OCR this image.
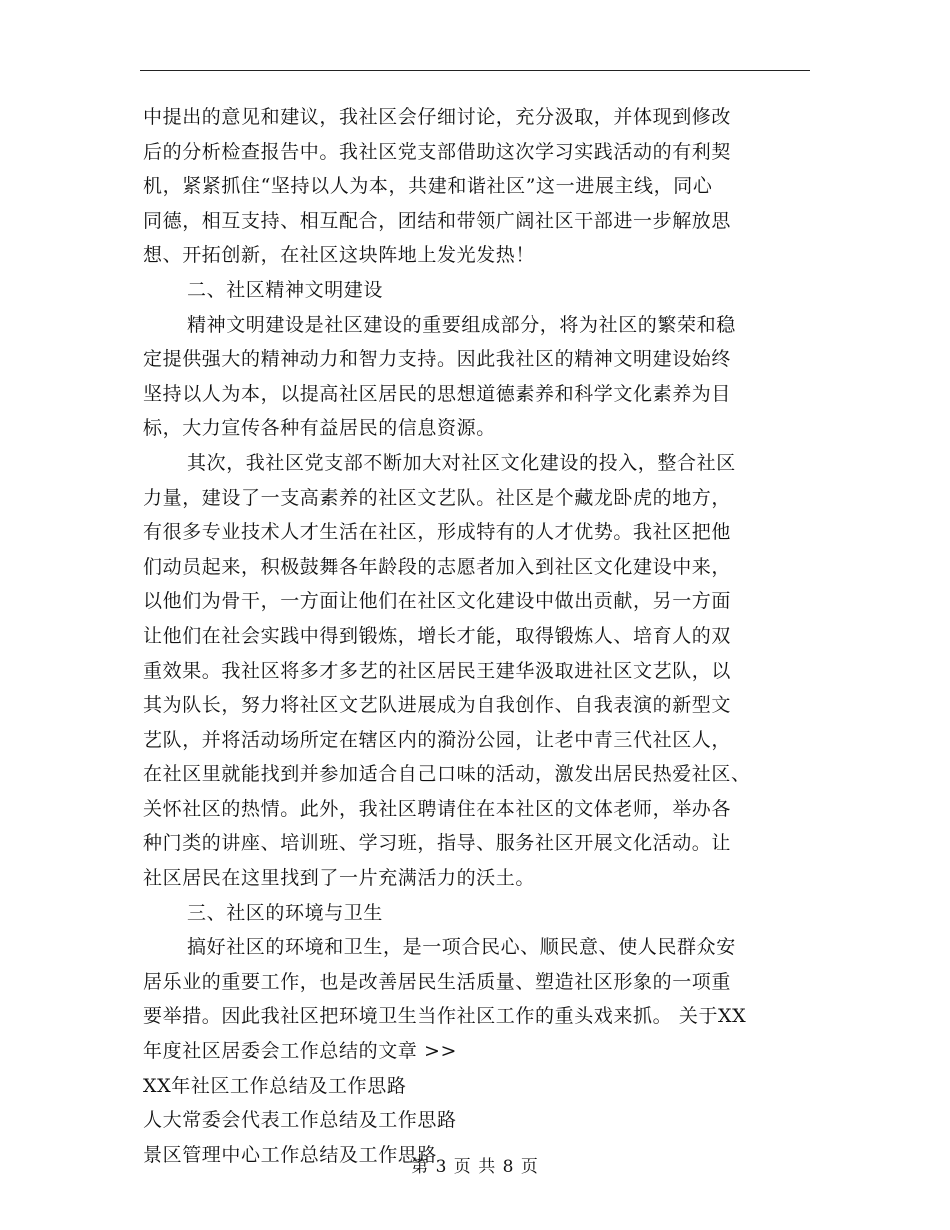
中提出的意见和建议，我社区会仔细讨论，充分汲取，并体现到修改
后的分析检查报告中。我社区党支部借助这次学习实践活动的有利契
机，紧紧抓住“坚持以人为本，共建和谐社区”这一进展主线，同心
同德，相互支持、相互配合，团结和带领广阔社区干部进一步解放思
想、开拓创新，在社区这块阵地上发光发热！
二、社区精神文明建设
精神文明建设是社区建设的重要组成部分，将为社区的繁荣和稳
定提供强大的精神动力和智力支持。因此我社区的精神文明建设始终
坚持以人为本，以提高社区居民的思想道德素养和科学文化素养为目
标，大力宣传各种有益居民的信息资源。
其次，我社区党支部不断加大对社区文化建设的投入，整合社区
力量，建设了一支高素养的社区文艺队。社区是个藏龙卧虎的地方，
有很多专业技术人才生活在社区，形成特有的人才优势。我社区把他
们动员起来，积极鼓舞各年龄段的志愿者加入到社区文化建设中来，
以他们为骨干，一方面让他们在社区文化建设中做出贡献，另一方面
让他们在社会实践中得到锻炼，增长才能，取得锻炼人、培育人的双
重效果。我社区将多才多艺的社区居民王建华汲取进社区文艺队，以
其为队长，努力将社区文艺队进展成为自我创作、自我表演的新型文
艺队，并将活动场所定在辖区内的漪汾公园，让老中青三代社区人，
在社区里就能找到并参加适合自己口味的活动，激发出居民热爱社区、
关怀社区的热情。此外，我社区聘请住在本社区的文体老师，举办各
种门类的讲座、培训班、学习班，指导、服务社区开展文化活动。让
社区居民在这里找到了一片充满活力的沃土。
三、社区的环境与卫生
搞好社区的环境和卫生，是一项合民心、顺民意、使人民群众安
居乐业的重要工作，也是改善居民生活质量、塑造社区形象的一项重
要举措。因此我社区把环境卫生当作社区工作的重头戏来抓。 关于XX
年度社区居委会工作总结的文章 >>
XX年社区工作总结及工作思路
人大常委会代表工作总结及工作思路
景区管理中心工作总结及工作思路
第 3 页 共 8 页
